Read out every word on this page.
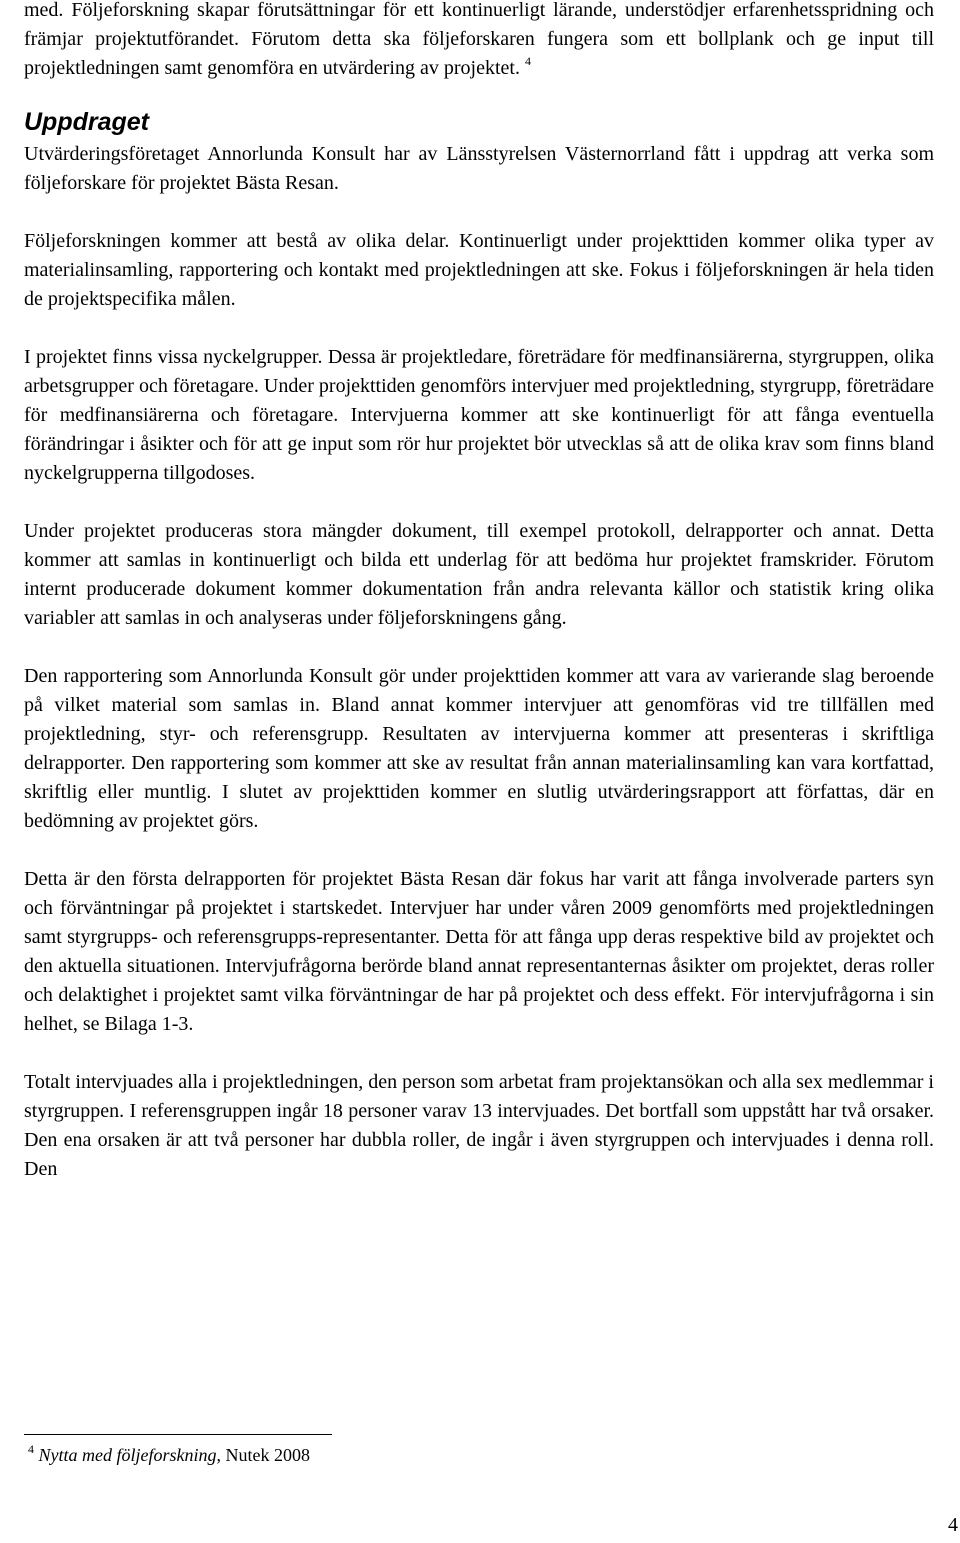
med. Följeforskning skapar förutsättningar för ett kontinuerligt lärande, understödjer erfarenhetsspridning och främjar projektutförandet. Förutom detta ska följeforskaren fungera som ett bollplank och ge input till projektledningen samt genomföra en utvärdering av projektet. $^4$

Uppdraget

Utvärderingsföretaget Annorlunda Konsult har av Länsstyrelsen Västernorrland fått i uppdrag att verka som följeforskare för projektet Bästa Resan.

Följeforskningen kommer att bestå av olika delar. Kontinuerligt under projekttiden kommer olika typer av materialinsamling, rapportering och kontakt med projektledningen att ske. Fokus i följeforskningen är hela tiden de projektspecifika målen.

I projektet finns vissa nyckelgrupper. Dessa är projektledare, företrädare för medfinansiärerna, styrgruppen, olika arbetsgrupper och företagare. Under projekttiden genomförs intervjuer med projektledning, styrgrupp, företrädare för medfinansiärerna och företagare. Intervjuerna kommer att ske kontinuerligt för att fånga eventuella förändringar i åsikter och för att ge input som rör hur projektet bör utvecklas så att de olika krav som finns bland nyckelgrupperna tillgodoses.

Under projektet produceras stora mängder dokument, till exempel protokoll, delrapporter och annat. Detta kommer att samlas in kontinuerligt och bilda ett underlag för att bedöma hur projektet framskrider. Förutom internt producerade dokument kommer dokumentation från andra relevanta källor och statistik kring olika variabler att samlas in och analyseras under följeforskningens gång.

Den rapportering som Annorlunda Konsult gör under projekttiden kommer att vara av varierande slag beroende på vilket material som samlas in. Bland annat kommer intervjuer att genomföras vid tre tillfällen med projektledning, styr- och referensgrupp. Resultaten av intervjuerna kommer att presenteras i skriftliga delrapporter. Den rapportering som kommer att ske av resultat från annan materialinsamling kan vara kortfattad, skriftlig eller muntlig. I slutet av projekttiden kommer en slutlig utvärderingsrapport att författas, där en bedömning av projektet görs.

Detta är den första delrapporten för projektet Bästa Resan där fokus har varit att fånga involverade parters syn och förväntningar på projektet i startskedet. Intervjuer har under våren 2009 genomförts med projektledningen samt styrgrupps- och referensgrupps-representanter. Detta för att fånga upp deras respektive bild av projektet och den aktuella situationen. Intervjufrågorna berörde bland annat representanternas åsikter om projektet, deras roller och delaktighet i projektet samt vilka förväntningar de har på projektet och dess effekt. För intervjufrågorna i sin helhet, se Bilaga 1-3.

Totalt intervjuades alla i projektledningen, den person som arbetat fram projektansökan och alla sex medlemmar i styrgruppen. I referensgruppen ingår 18 personer varav 13 intervjuades. Det bortfall som uppstått har två orsaker. Den ena orsaken är att två personer har dubbla roller, de ingår i även styrgruppen och intervjuades i denna roll. Den

$^4$ Nytta med följeforskning, Nutek 2008
4
